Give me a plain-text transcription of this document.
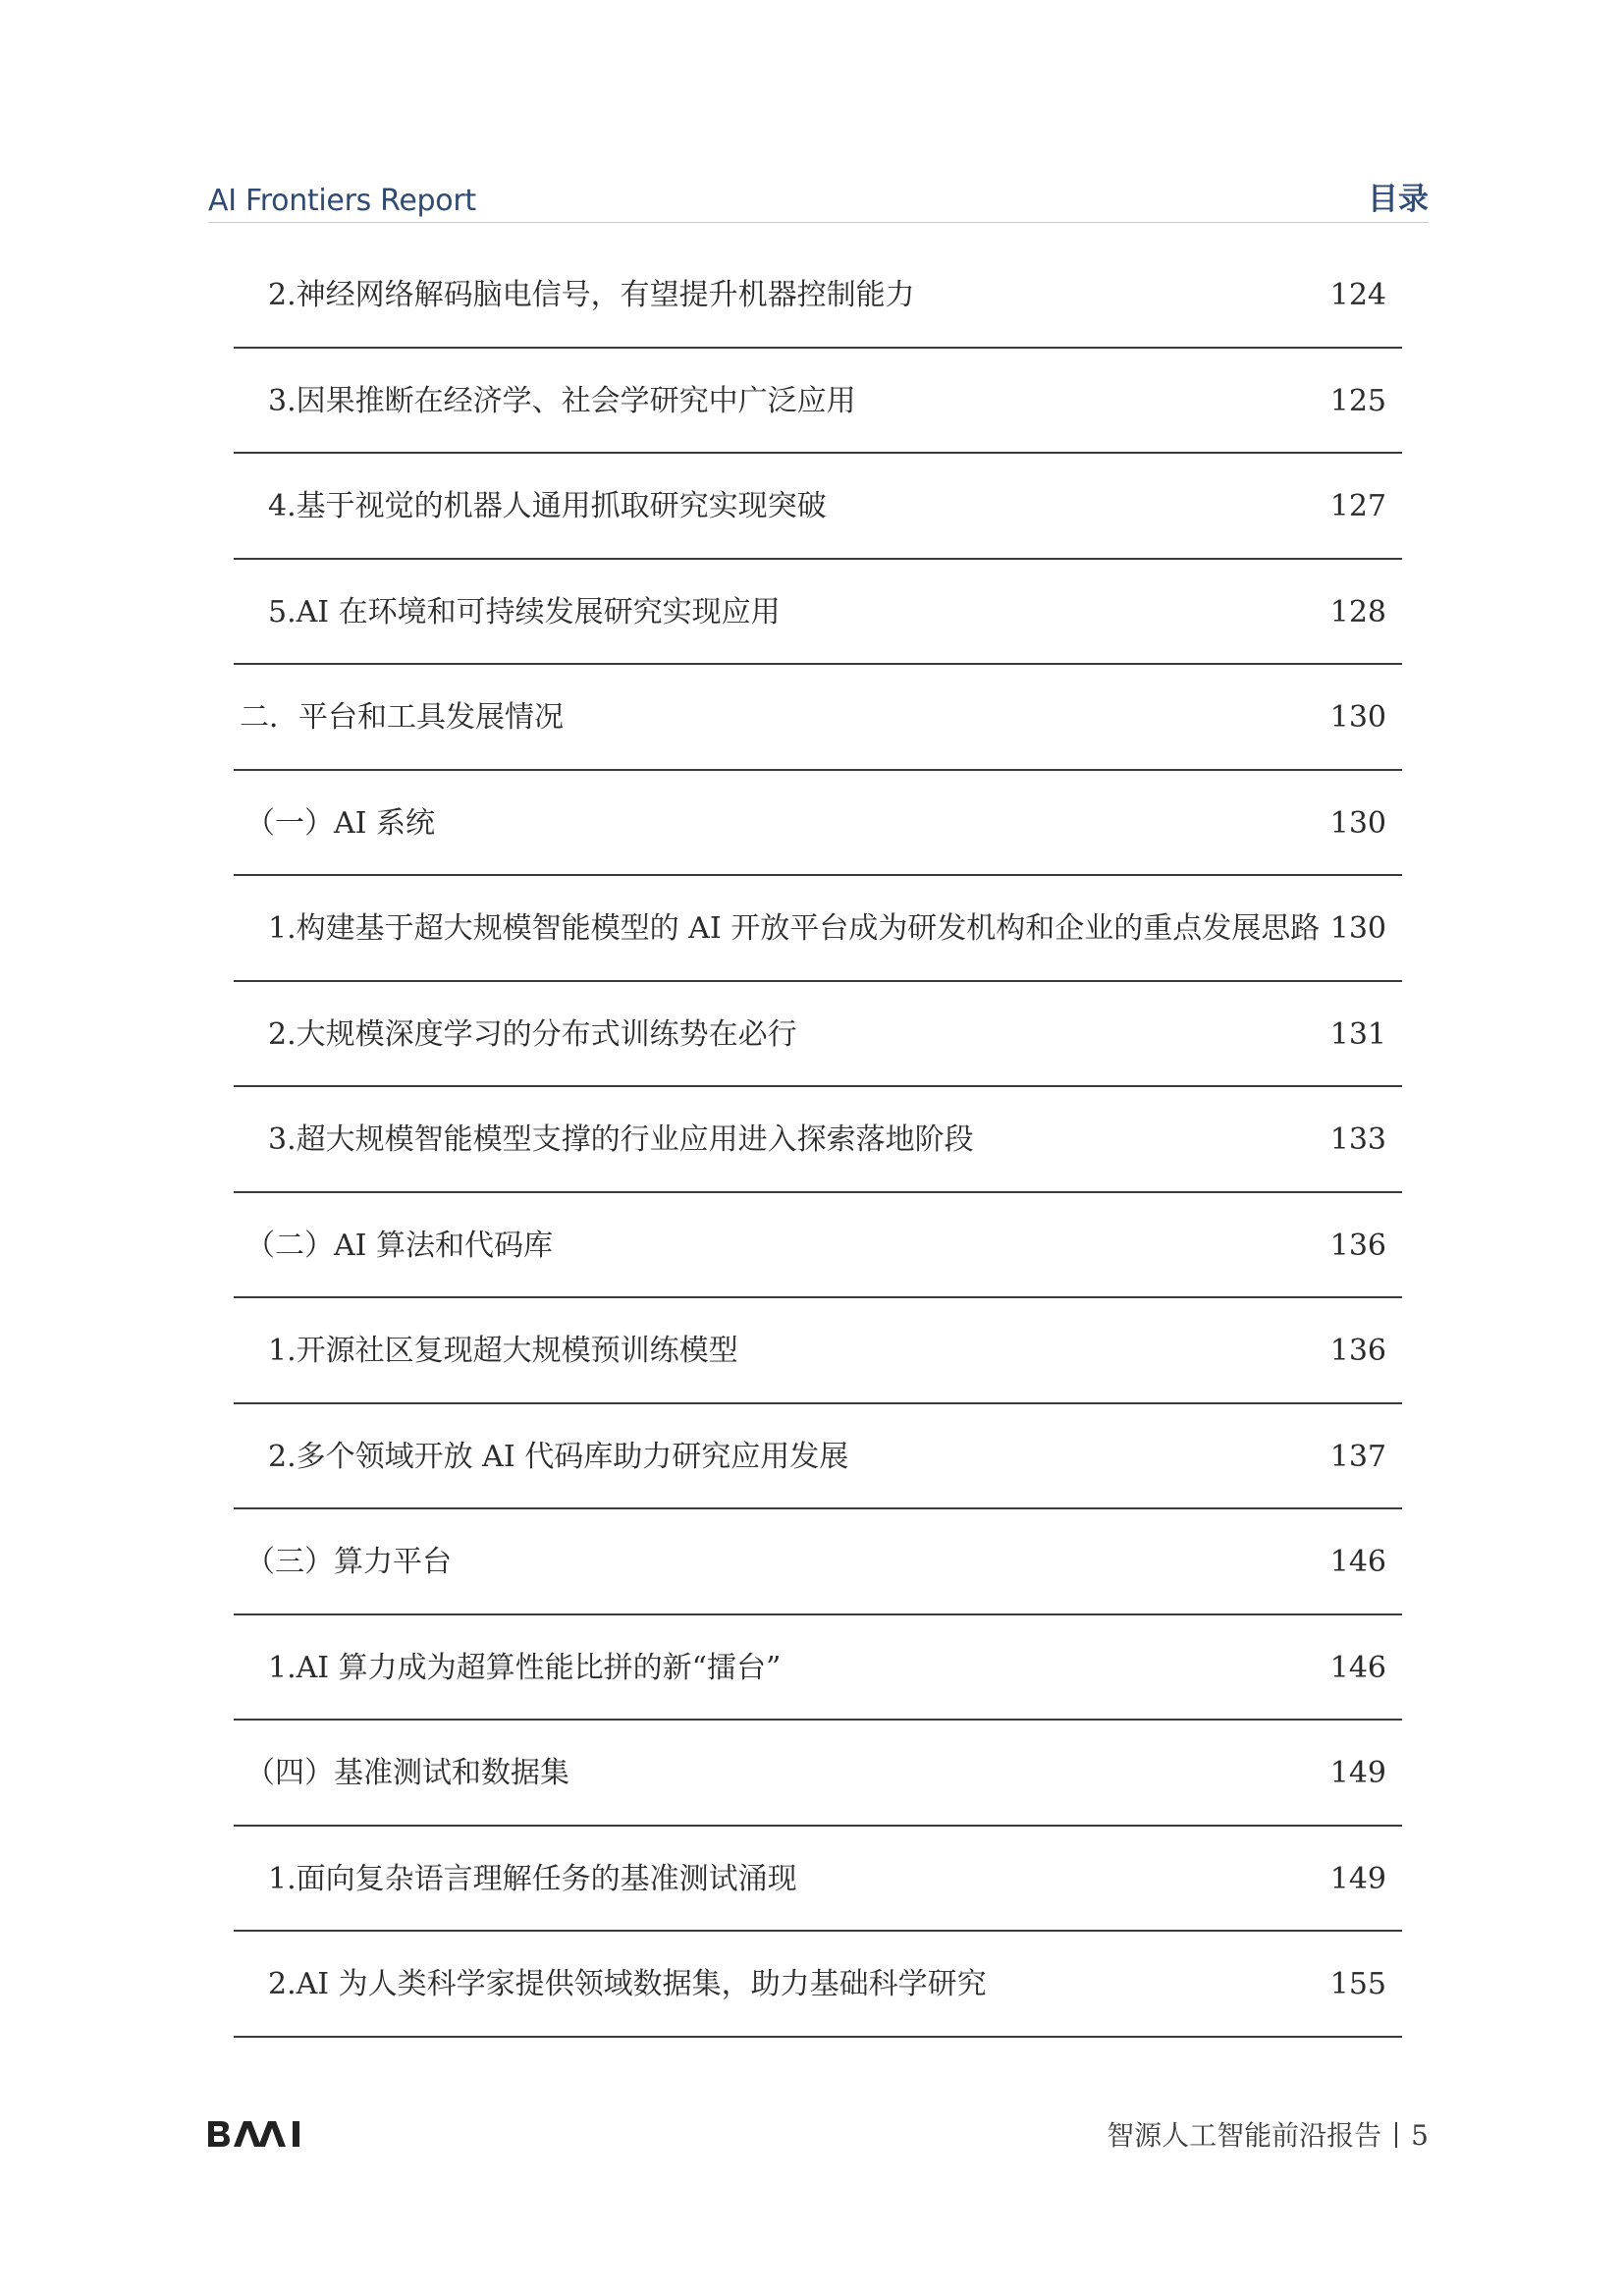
AI Frontiers Report	目录
2.神经网络解码脑电信号，有望提升机器控制能力	124
3.因果推断在经济学、社会学研究中广泛应用	125
4.基于视觉的机器人通用抓取研究实现突破	127
5.AI 在环境和可持续发展研究实现应用	128
二．平台和工具发展情况	130
（一）AI 系统	130
1.构建基于超大规模智能模型的 AI 开放平台成为研发机构和企业的重点发展思路 130
2.大规模深度学习的分布式训练势在必行	131
3.超大规模智能模型支撑的行业应用进入探索落地阶段	133
（二）AI 算法和代码库	136
1.开源社区复现超大规模预训练模型	136
2.多个领域开放 AI 代码库助力研究应用发展	137
（三）算力平台	146
1.AI 算力成为超算性能比拼的新“擂台”	146
（四）基准测试和数据集	149
1.面向复杂语言理解任务的基准测试涌现	149
2.AI 为人类科学家提供领域数据集，助力基础科学研究	155
智源人工智能前沿报告 5
